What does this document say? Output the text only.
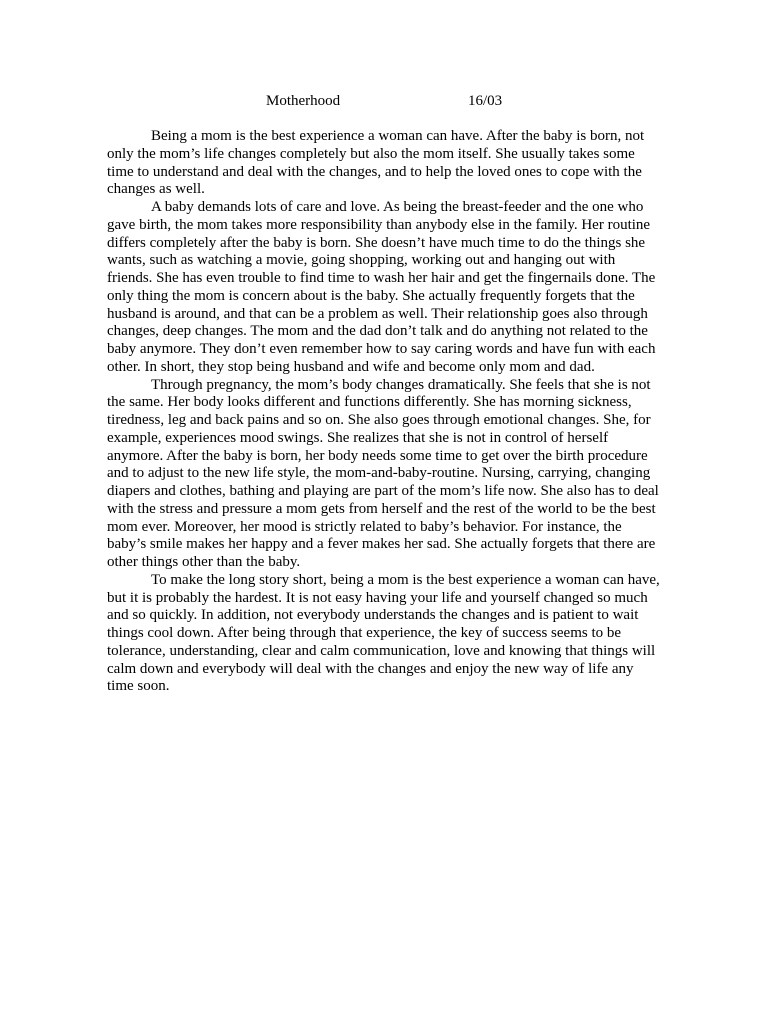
Motherhood	16/03

Being a mom is the best experience a woman can have. After the baby is born, not only the mom’s life changes completely but also the mom itself. She usually takes some time to understand and deal with the changes, and to help the loved ones to cope with the changes as well.

A baby demands lots of care and love. As being the breast-feeder and the one who gave birth, the mom takes more responsibility than anybody else in the family. Her routine differs completely after the baby is born. She doesn’t have much time to do the things she wants, such as watching a movie, going shopping, working out and hanging out with friends. She has even trouble to find time to wash her hair and get the fingernails done. The only thing the mom is concern about is the baby. She actually frequently forgets that the husband is around, and that can be a problem as well. Their relationship goes also through changes, deep changes. The mom and the dad don’t talk and do anything not related to the baby anymore. They don’t even remember how to say caring words and have fun with each other. In short, they stop being husband and wife and become only mom and dad.

Through pregnancy, the mom’s body changes dramatically. She feels that she is not the same. Her body looks different and functions differently. She has morning sickness, tiredness, leg and back pains and so on. She also goes through emotional changes. She, for example, experiences mood swings. She realizes that she is not in control of herself anymore. After the baby is born, her body needs some time to get over the birth procedure and to adjust to the new life style, the mom-and-baby-routine. Nursing, carrying, changing diapers and clothes, bathing and playing are part of the mom’s life now. She also has to deal with the stress and pressure a mom gets from herself and the rest of the world to be the best mom ever. Moreover, her mood is strictly related to baby’s behavior. For instance, the baby’s smile makes her happy and a fever makes her sad. She actually forgets that there are other things other than the baby.

To make the long story short, being a mom is the best experience a woman can have, but it is probably the hardest. It is not easy having your life and yourself changed so much and so quickly. In addition, not everybody understands the changes and is patient to wait things cool down. After being through that experience, the key of success seems to be tolerance, understanding, clear and calm communication, love and knowing that things will calm down and everybody will deal with the changes and enjoy the new way of life any time soon.
